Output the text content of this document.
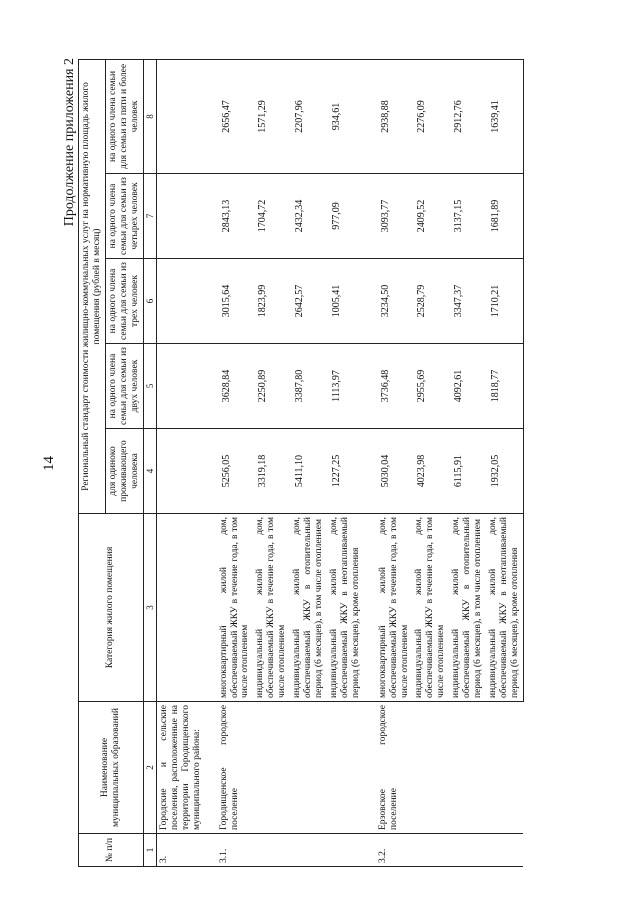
14
Продолжение приложения 2
№ п/п	Наименование муниципальных образований	Категория жилого помещения	Региональный стандарт стоимости жилищно-коммунальных услуг на нормативную площадь жилого помещения (рублей в месяц)				
			для одиноко проживающего человека	на одного члена семьи для семьи из двух человек	на одного члена семьи для семьи из трех человек	на одного члена семьи для семьи из четырех человек	на одного члена семьи для семьи из пяти и более человек
1	2	3	4	5	6	7	8
3.	Городские и сельские поселения, расположенные на территории Городищенского муниципального района:						

3.1.	Городищенское городское поселение	многоквартирный жилой дом, обеспечиваемый ЖКУ в течение года, в том числе отоплением	5256,05	3628,84	3015,64	2843,13	2656,47
		индивидуальный жилой дом, обеспечиваемый ЖКУ в течение года, в том числе отоплением	3319,18	2250,89	1823,99	1704,72	1571,29
		индивидуальный жилой дом, обеспечиваемый ЖКУ в отопительный период (6 месяцев), в том числе отоплением	5411,10	3387,80	2642,57	2432,34	2207,96
		индивидуальный жилой дом, обеспечиваемый ЖКУ в неотапливаемый период (6 месяцев), кроме отопления	1227,25	1113,97	1005,41	977,09	934,61

3.2.	Ерзовское городское поселение	многоквартирный жилой дом, обеспечиваемый ЖКУ в течение года, в том числе отоплением	5030,04	3736,48	3234,50	3093,77	2938,88
		индивидуальный жилой дом, обеспечиваемый ЖКУ в течение года, в том числе отоплением	4023,98	2955,69	2528,79	2409,52	2276,09
		индивидуальный жилой дом, обеспечиваемый ЖКУ в отопительный период (6 месяцев), в том числе отоплением	6115,91	4092,61	3347,37	3137,15	2912,76
		индивидуальный жилой дом, обеспечиваемый ЖКУ в неотапливаемый период (6 месяцев), кроме отопления	1932,05	1818,77	1710,21	1681,89	1639,41
